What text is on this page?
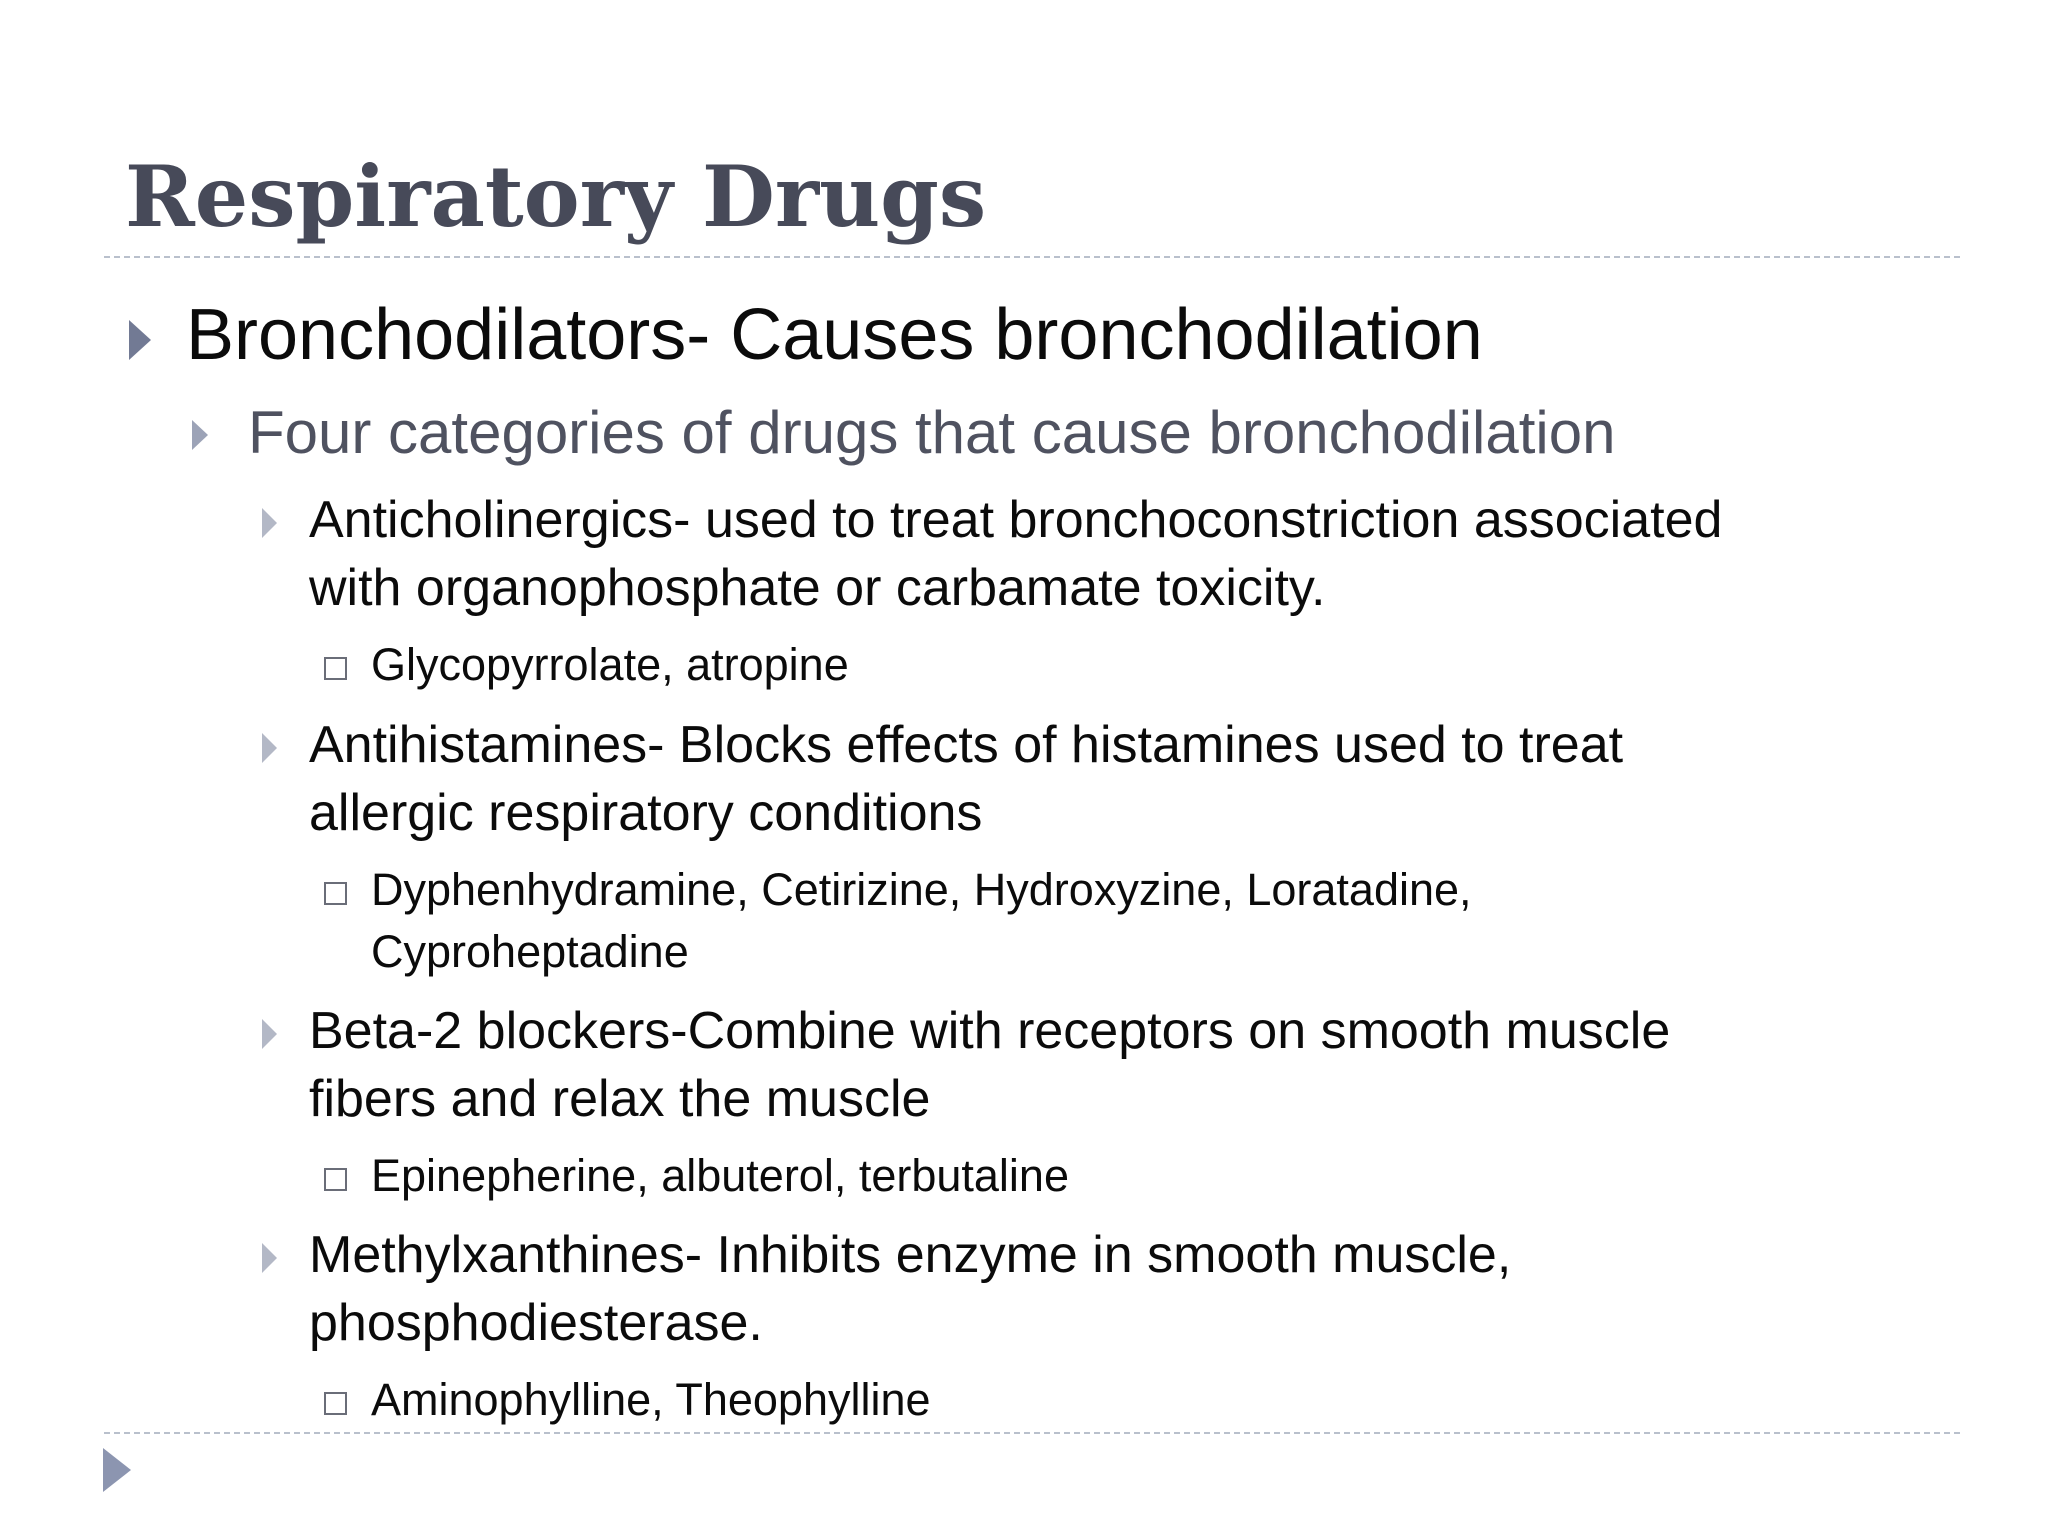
Respiratory Drugs
Bronchodilators- Causes bronchodilation
Four categories of drugs that cause bronchodilation
Anticholinergics- used to treat bronchoconstriction associated
with organophosphate or carbamate toxicity.
Glycopyrrolate, atropine
Antihistamines- Blocks effects of histamines used to treat
allergic respiratory conditions
Dyphenhydramine, Cetirizine, Hydroxyzine, Loratadine,
Cyproheptadine
Beta-2 blockers-Combine with receptors on smooth muscle
fibers and relax the muscle
Epinepherine, albuterol, terbutaline
Methylxanthines- Inhibits enzyme in smooth muscle,
phosphodiesterase.
Aminophylline, Theophylline
